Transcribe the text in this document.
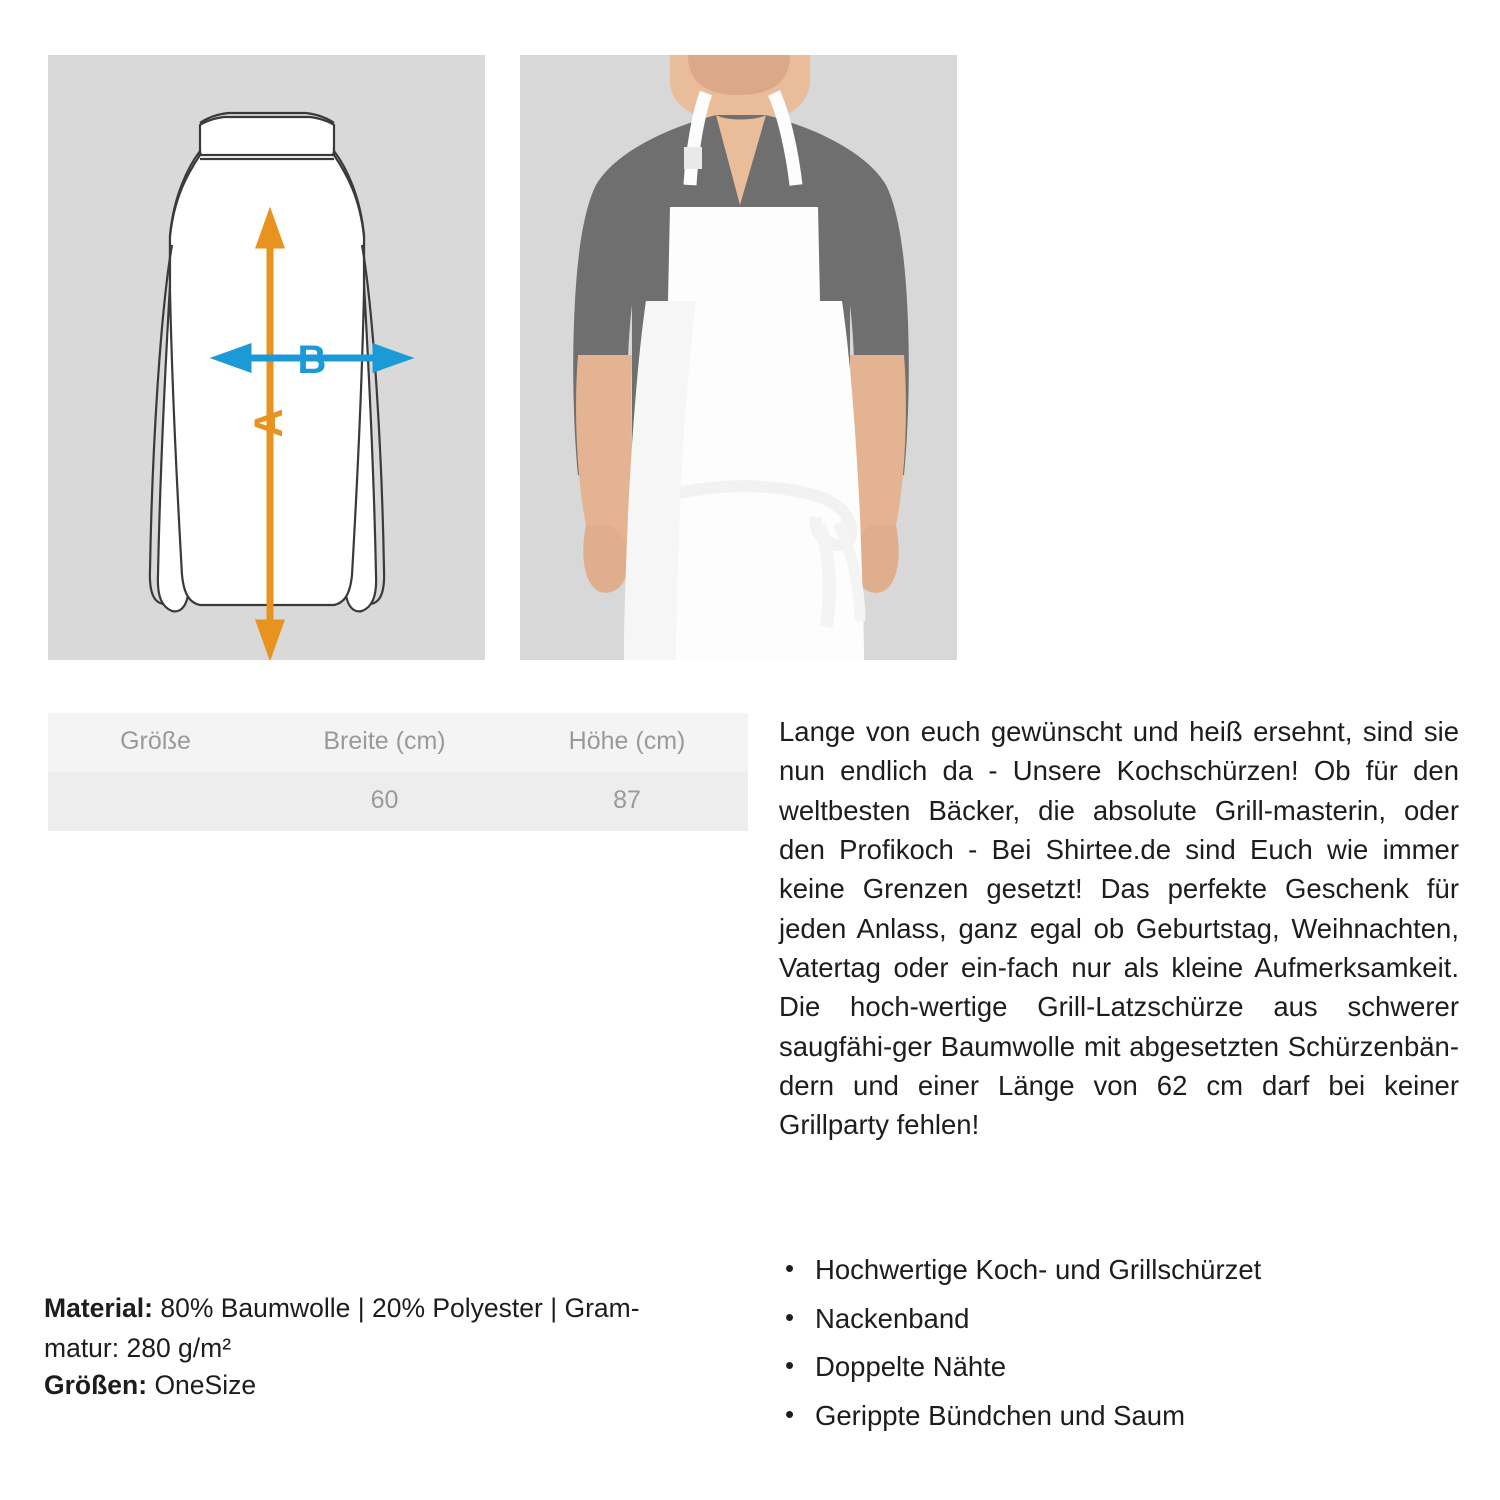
A
B
Größe	Breite (cm)	Höhe (cm)
	60	87
Material: 80% Baumwolle | 20% Polyester | Gram-
matur: 280 g/m²
Größen: OneSize
Lange von euch gewünscht und heiß ersehnt, sind sie nun endlich da - Unsere Kochschürzen! Ob für den weltbesten Bäcker, die absolute Grill-masterin, oder den Profikoch - Bei Shirtee.de sind Euch wie immer keine Grenzen gesetzt! Das perfekte Geschenk für jeden Anlass, ganz egal ob Geburtstag, Weihnachten, Vatertag oder ein-fach nur als kleine Aufmerksamkeit. Die hoch-wertige Grill-Latzschürze aus schwerer saugfähi-ger Baumwolle mit abgesetzten Schürzenbän-dern und einer Länge von 62 cm darf bei keiner Grillparty fehlen!
• Hochwertige Koch- und Grillschürzet
• Nackenband
• Doppelte Nähte
• Gerippte Bündchen und Saum
